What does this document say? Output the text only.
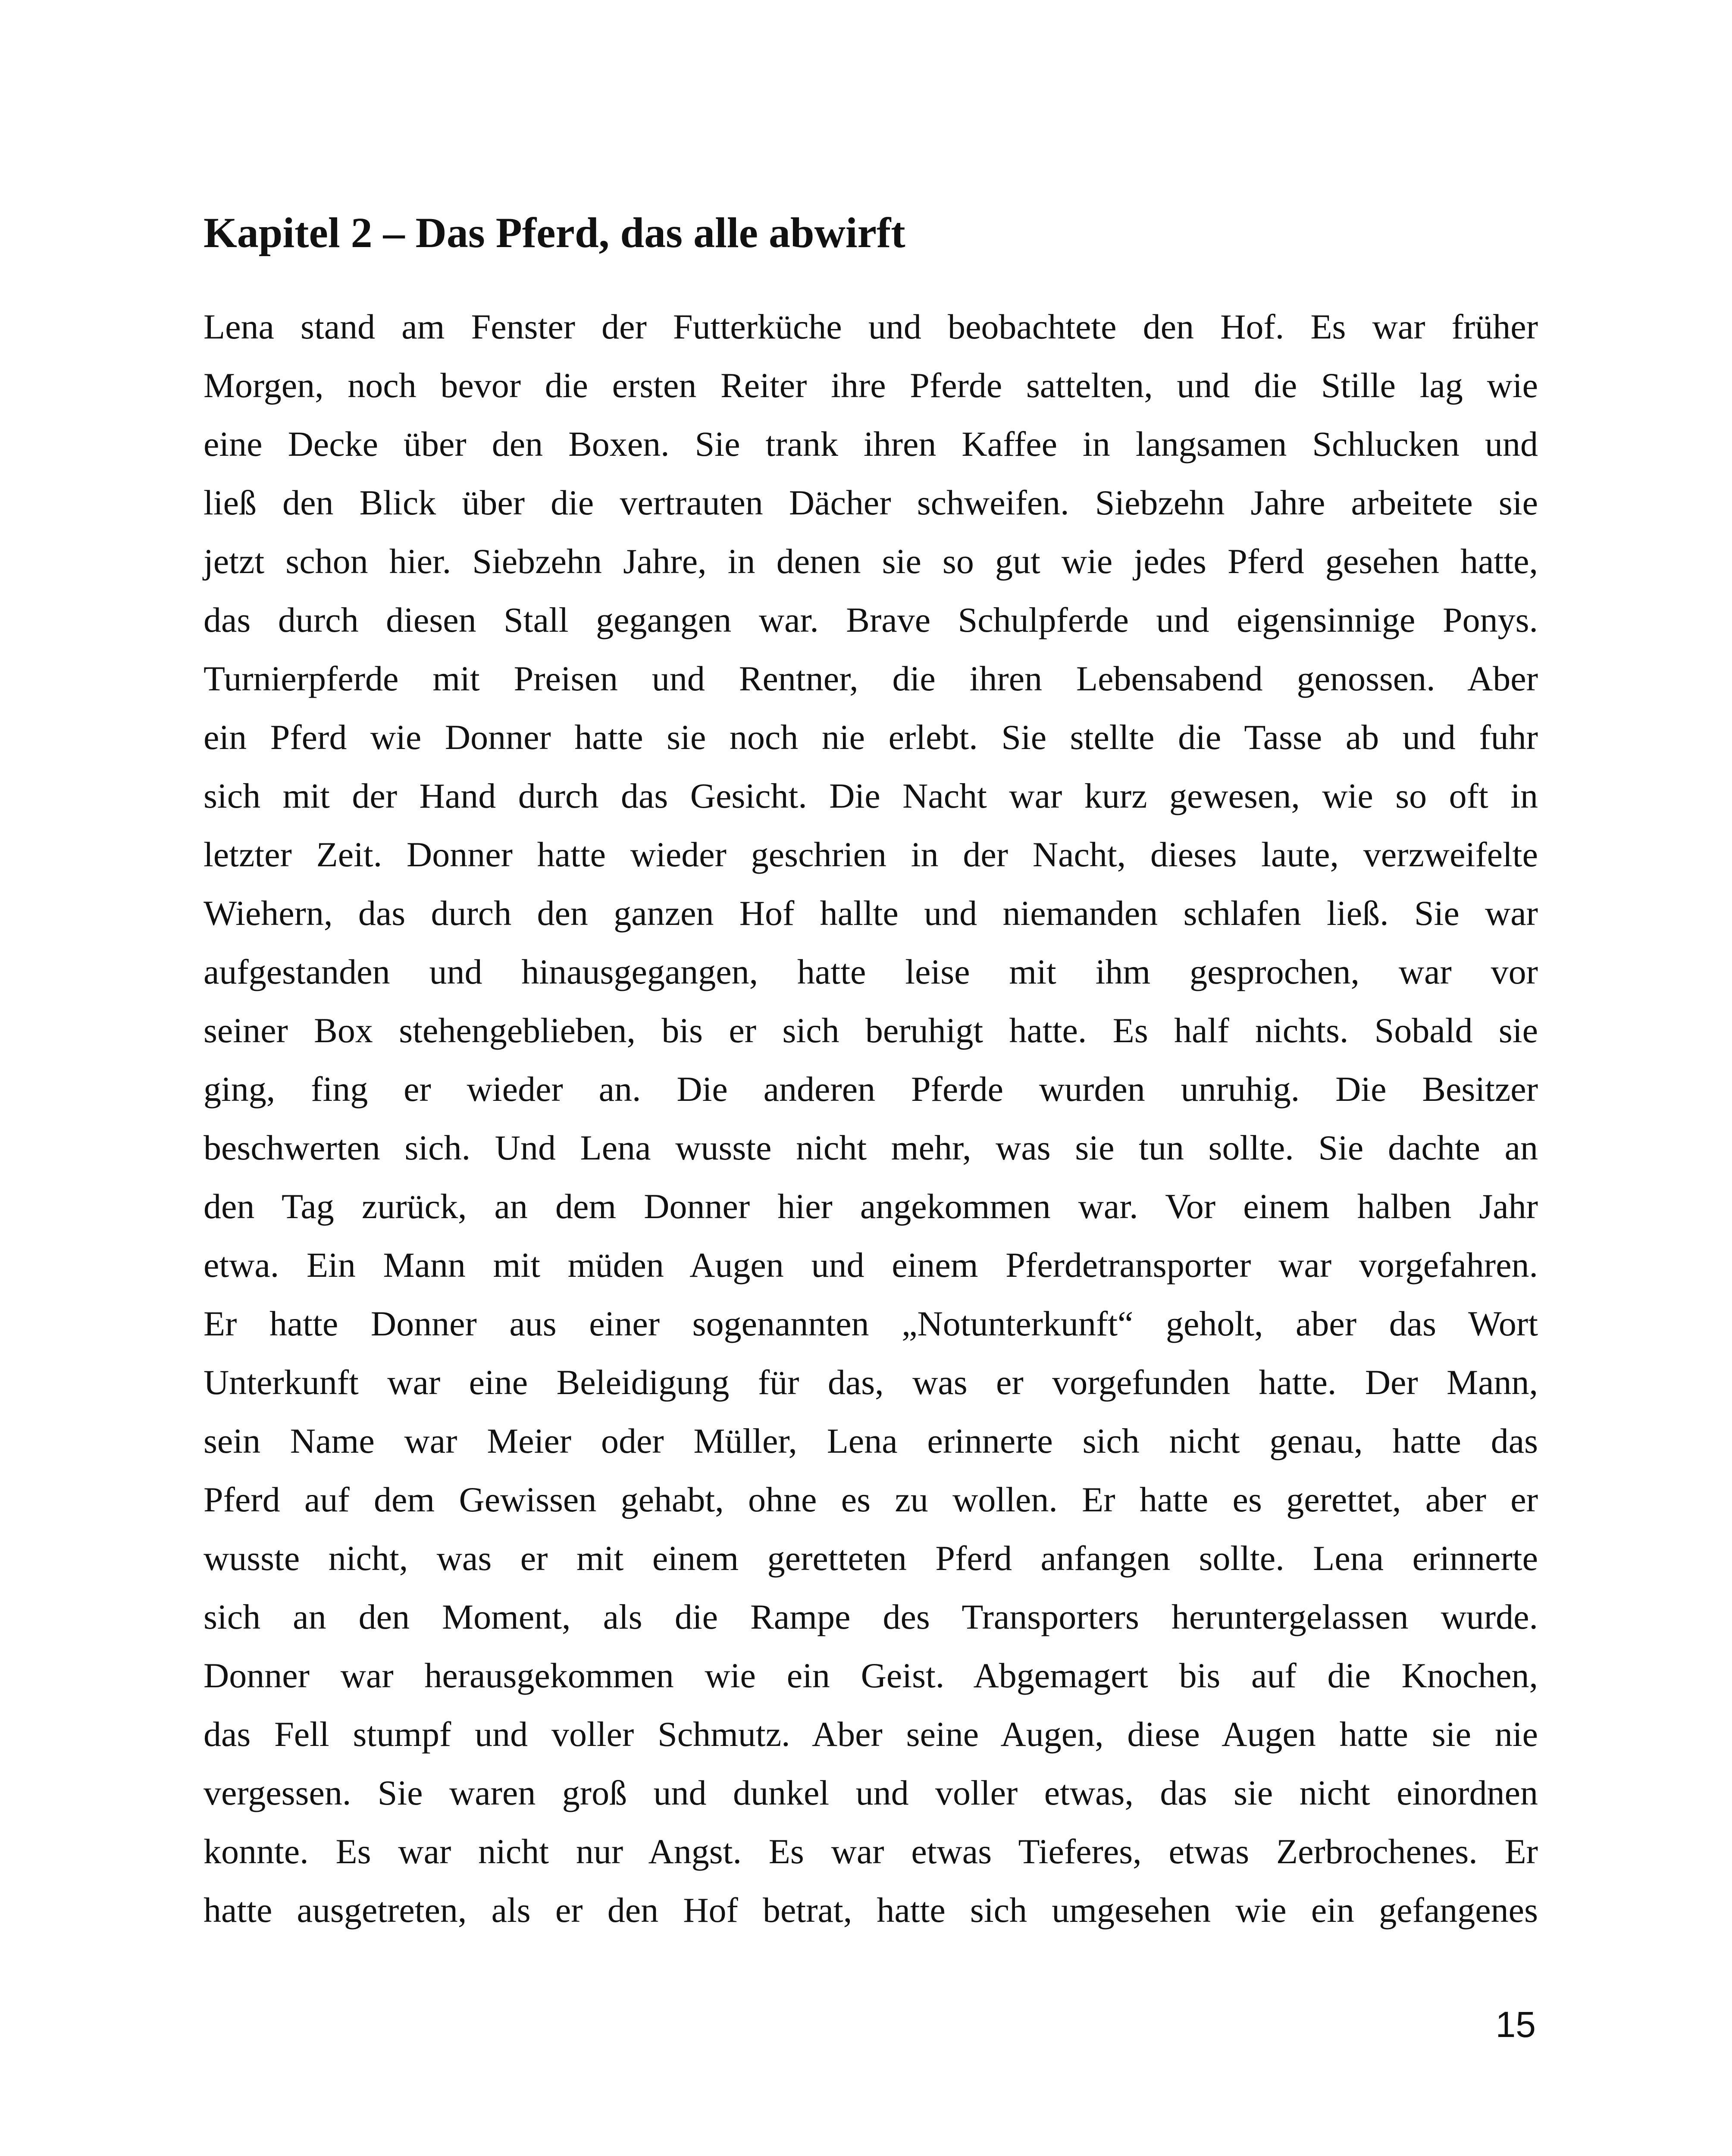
Kapitel 2 – Das Pferd, das alle abwirft
Lena stand am Fenster der Futterküche und beobachtete den Hof. Es war früher
Morgen, noch bevor die ersten Reiter ihre Pferde sattelten, und die Stille lag wie
eine Decke über den Boxen. Sie trank ihren Kaffee in langsamen Schlucken und
ließ den Blick über die vertrauten Dächer schweifen. Siebzehn Jahre arbeitete sie
jetzt schon hier. Siebzehn Jahre, in denen sie so gut wie jedes Pferd gesehen hatte,
das durch diesen Stall gegangen war. Brave Schulpferde und eigensinnige Ponys.
Turnierpferde mit Preisen und Rentner, die ihren Lebensabend genossen. Aber
ein Pferd wie Donner hatte sie noch nie erlebt. Sie stellte die Tasse ab und fuhr
sich mit der Hand durch das Gesicht. Die Nacht war kurz gewesen, wie so oft in
letzter Zeit. Donner hatte wieder geschrien in der Nacht, dieses laute, verzweifelte
Wiehern, das durch den ganzen Hof hallte und niemanden schlafen ließ. Sie war
aufgestanden und hinausgegangen, hatte leise mit ihm gesprochen, war vor
seiner Box stehengeblieben, bis er sich beruhigt hatte. Es half nichts. Sobald sie
ging, fing er wieder an. Die anderen Pferde wurden unruhig. Die Besitzer
beschwerten sich. Und Lena wusste nicht mehr, was sie tun sollte. Sie dachte an
den Tag zurück, an dem Donner hier angekommen war. Vor einem halben Jahr
etwa. Ein Mann mit müden Augen und einem Pferdetransporter war vorgefahren.
Er hatte Donner aus einer sogenannten „Notunterkunft“ geholt, aber das Wort
Unterkunft war eine Beleidigung für das, was er vorgefunden hatte. Der Mann,
sein Name war Meier oder Müller, Lena erinnerte sich nicht genau, hatte das
Pferd auf dem Gewissen gehabt, ohne es zu wollen. Er hatte es gerettet, aber er
wusste nicht, was er mit einem geretteten Pferd anfangen sollte. Lena erinnerte
sich an den Moment, als die Rampe des Transporters heruntergelassen wurde.
Donner war herausgekommen wie ein Geist. Abgemagert bis auf die Knochen,
das Fell stumpf und voller Schmutz. Aber seine Augen, diese Augen hatte sie nie
vergessen. Sie waren groß und dunkel und voller etwas, das sie nicht einordnen
konnte. Es war nicht nur Angst. Es war etwas Tieferes, etwas Zerbrochenes. Er
hatte ausgetreten, als er den Hof betrat, hatte sich umgesehen wie ein gefangenes
15
